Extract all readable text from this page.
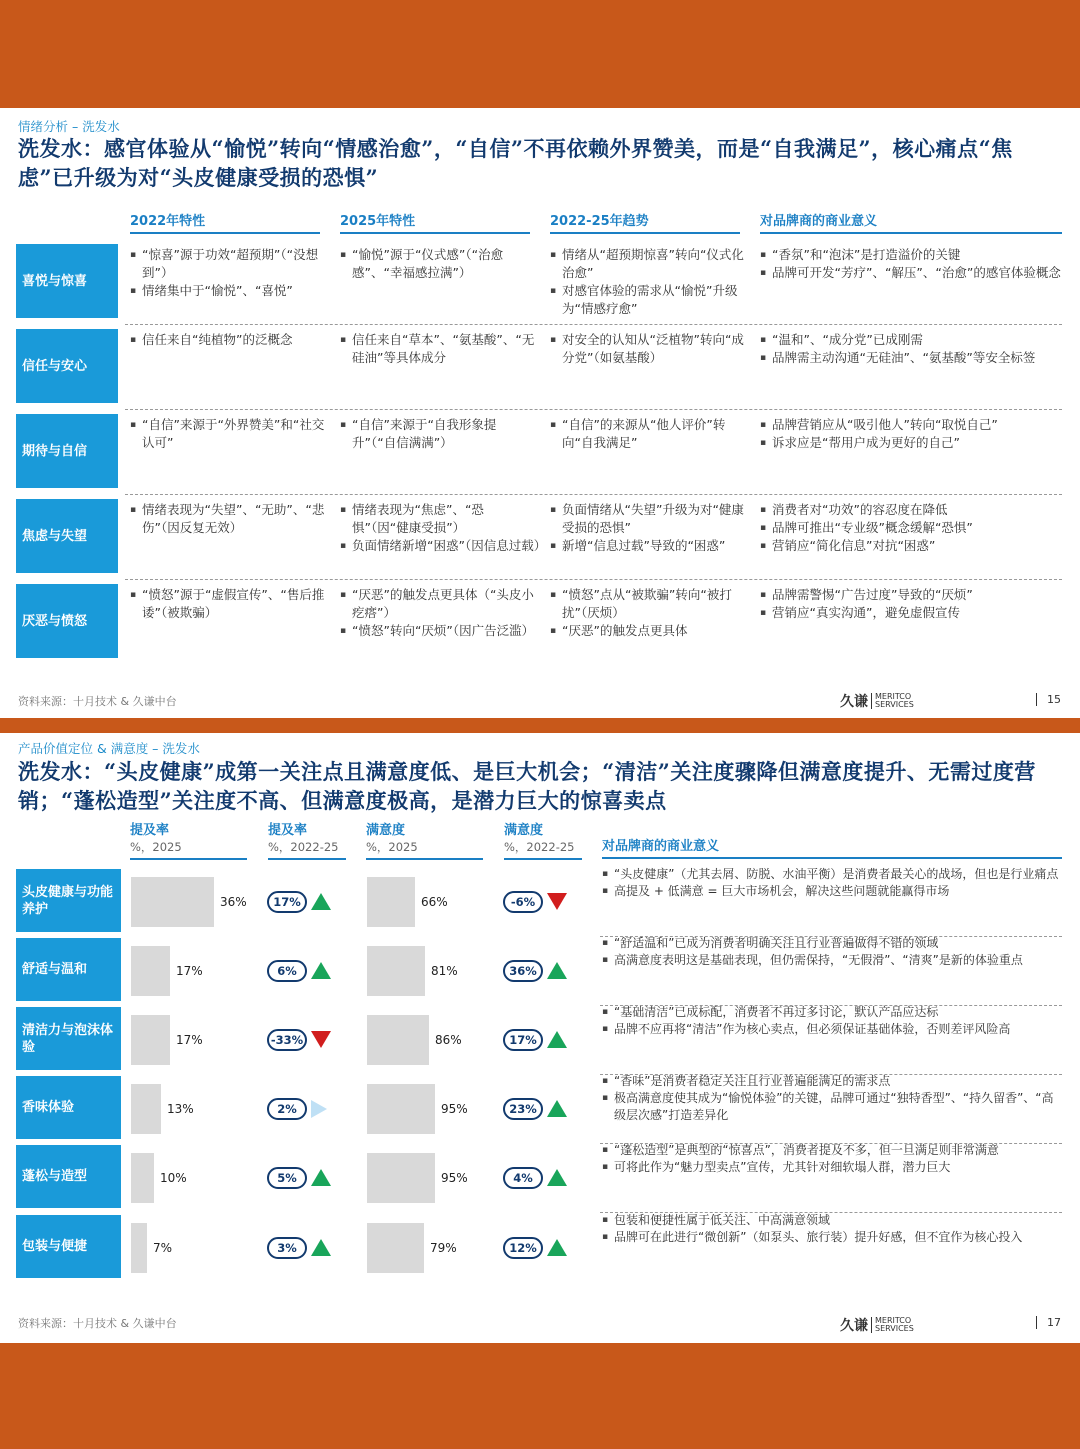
情绪分析 – 洗发水
洗发水：感官体验从“愉悦”转向“情感治愈”，“自信”不再依赖外界赞美，而是“自我满足”，核心痛点“焦虑”已升级为对“头皮健康受损的恐惧”
2022年特性	2025年特性	2022-25年趋势	对品牌商的商业意义
喜悦与惊喜
▪ “惊喜”源于功效“超预期”（“没想到”）
▪ 情绪集中于“愉悦”、“喜悦”
▪ “愉悦”源于“仪式感”（“治愈感”、“幸福感拉满”）
▪ 情绪从“超预期惊喜”转向“仪式化治愈”
▪ 对感官体验的需求从“愉悦”升级为“情感疗愈”
▪ “香氛”和“泡沫”是打造溢价的关键
▪ 品牌可开发“芳疗”、“解压”、“治愈”的感官体验概念
信任与安心
▪ 信任来自“纯植物”的泛概念
▪	信任来自“草本”、“氨基酸”、“无硅油”等具体成分
▪ 对安全的认知从“泛植物”转向“成分党”（如氨基酸）
▪ “温和”、“成分党”已成刚需
▪ 品牌需主动沟通“无硅油”、“氨基酸”等安全标签
期待与自信
▪ “自信”来源于“外界赞美”和“社交认可”
▪ “自信”来源于“自我形象提升”（“自信满满”）
▪ “自信”的来源从“他人评价”转向“自我满足”
▪ 品牌营销应从“吸引他人”转向“取悦自己”
▪ 诉求应是“帮用户成为更好的自己”
焦虑与失望
▪ 情绪表现为“失望”、“无助”、“悲伤”（因反复无效）
▪ 情绪表现为“焦虑”、“恐惧”（因“健康受损”）
▪ 负面情绪新增“困惑”（因信息过载）
▪ 负面情绪从“失望”升级为对“健康受损的恐惧”
▪ 新增“信息过载”导致的“困惑”
▪ 消费者对“功效”的容忍度在降低
▪ 品牌可推出“专业级”概念缓解“恐惧”
▪ 营销应“简化信息”对抗“困惑”
厌恶与愤怒
▪ “愤怒”源于“虚假宣传”、“售后推诿”（被欺骗）
▪ “厌恶”的触发点更具体（“头皮小疙瘩”）
▪ “愤怒”转向“厌烦”（因广告泛滥）
▪ “愤怒”点从“被欺骗”转向“被打扰”（厌烦）
▪ “厌恶”的触发点更具体
▪ 品牌需警惕“广告过度”导致的“厌烦”
▪ 营销应“真实沟通”，避免虚假宣传
资料来源：十月技术 & 久谦中台	久谦 MERITCO
SERVICES	15
产品价值定位 & 满意度 – 洗发水
洗发水：“头皮健康”成第一关注点且满意度低、是巨大机会；“清洁”关注度骤降但满意度提升、无需过度营销；“蓬松造型”关注度不高、但满意度极高，是潜力巨大的惊喜卖点
提及率
%，2025
提及率
%，2022-25
满意度
%，2025
满意度
%，2022-25	对品牌商的商业意义
头皮健康与功能养护	36%	17%	66%	-6%
▪ “头皮健康”（尤其去屑、防脱、水油平衡）是消费者最关心的战场，但也是行业痛点
▪ 高提及 + 低满意 = 巨大市场机会，解决这些问题就能赢得市场
舒适与温和	17%	6%	81%	36%
▪ “舒适温和”已成为消费者明确关注且行业普遍做得不错的领域
▪ 高满意度表明这是基础表现，但仍需保持，“无假滑”、“清爽”是新的体验重点
清洁力与泡沫体验	17%	-33%	86%	17%
▪ “基础清洁”已成标配，消费者不再过多讨论，默认产品应达标
▪ 品牌不应再将“清洁”作为核心卖点，但必须保证基础体验，否则差评风险高
香味体验	13%	2%	95%	23%
▪ “香味”是消费者稳定关注且行业普遍能满足的需求点
▪ 极高满意度使其成为“愉悦体验”的关键，品牌可通过“独特香型”、“持久留香”、“高级层次感”打造差异化
蓬松与造型	10%	5%	95%	4%
▪ “蓬松造型”是典型的“惊喜点”，消费者提及不多，但一旦满足则非常满意
▪ 可将此作为“魅力型卖点”宣传，尤其针对细软塌人群，潜力巨大
包装与便捷	7%	3%	79%	12%
▪ 包装和便捷性属于低关注、中高满意领域
▪ 品牌可在此进行“微创新”（如泵头、旅行装）提升好感，但不宜作为核心投入
资料来源：十月技术 & 久谦中台	久谦 MERITCO
SERVICES	17
